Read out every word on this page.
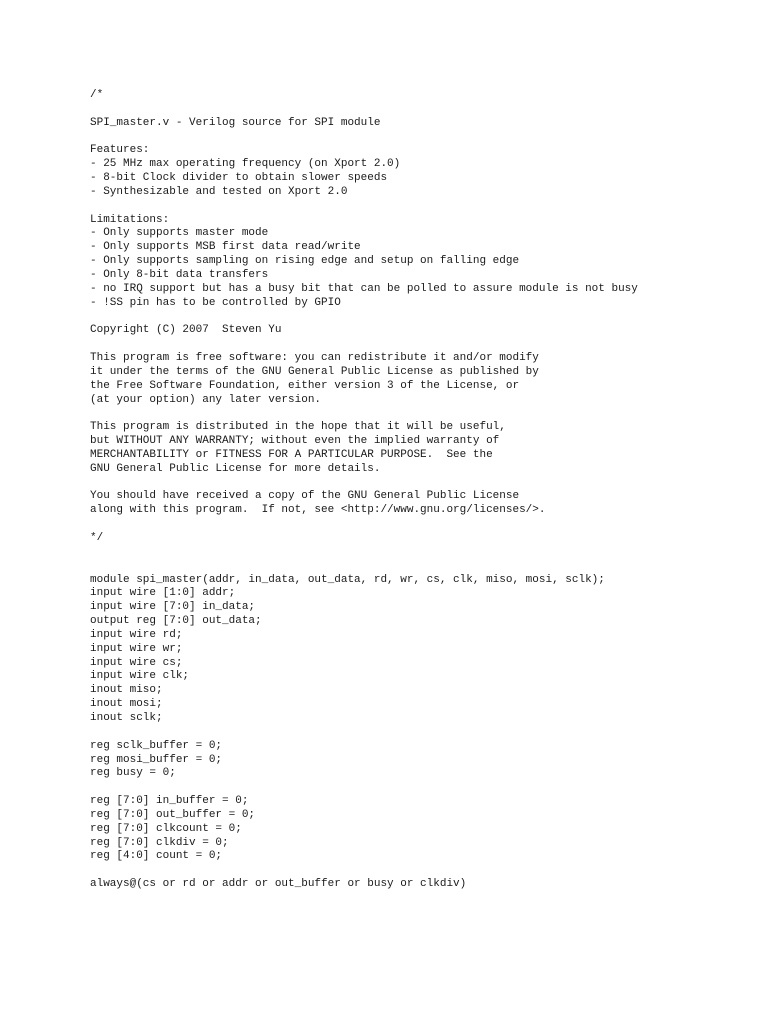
/*
SPI_master.v - Verilog source for SPI module
Features:
- 25 MHz max operating frequency (on Xport 2.0)
- 8-bit Clock divider to obtain slower speeds
- Synthesizable and tested on Xport 2.0
Limitations:
- Only supports master mode
- Only supports MSB first data read/write
- Only supports sampling on rising edge and setup on falling edge
- Only 8-bit data transfers
- no IRQ support but has a busy bit that can be polled to assure module is not busy
- !SS pin has to be controlled by GPIO
Copyright (C) 2007  Steven Yu
This program is free software: you can redistribute it and/or modify
it under the terms of the GNU General Public License as published by
the Free Software Foundation, either version 3 of the License, or
(at your option) any later version.
This program is distributed in the hope that it will be useful,
but WITHOUT ANY WARRANTY; without even the implied warranty of
MERCHANTABILITY or FITNESS FOR A PARTICULAR PURPOSE.  See the
GNU General Public License for more details.
You should have received a copy of the GNU General Public License
along with this program.  If not, see <http://www.gnu.org/licenses/>.
*/
module spi_master(addr, in_data, out_data, rd, wr, cs, clk, miso, mosi, sclk);
input wire [1:0] addr;
input wire [7:0] in_data;
output reg [7:0] out_data;
input wire rd;
input wire wr;
input wire cs;
input wire clk;
inout miso;
inout mosi;
inout sclk;
reg sclk_buffer = 0;
reg mosi_buffer = 0;
reg busy = 0;
reg [7:0] in_buffer = 0;
reg [7:0] out_buffer = 0;
reg [7:0] clkcount = 0;
reg [7:0] clkdiv = 0;
reg [4:0] count = 0;
always@(cs or rd or addr or out_buffer or busy or clkdiv)
